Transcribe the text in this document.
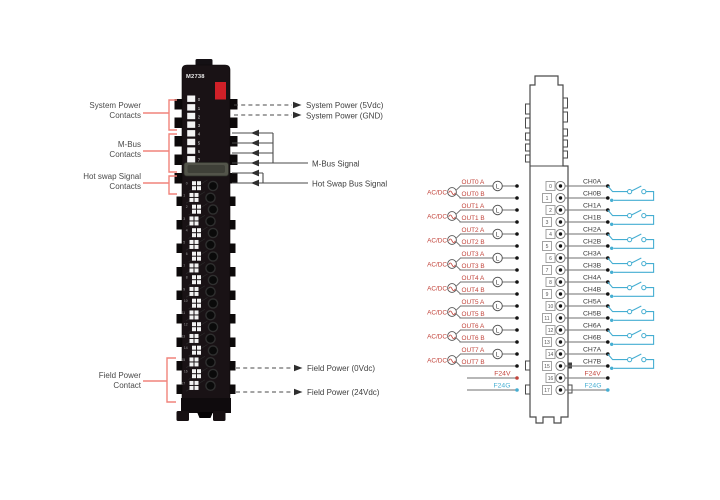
M2738
0
1
2
3
4
5
6
7
0
1
2
3
4
5
6
7
8
9
10
11
12
13
14
15
16
17
System Power
Contacts
M-Bus
Contacts
Hot swap Signal
Contacts
Field Power
Contact
System Power (5Vdc)
System Power (GND)
M-Bus Signal
Hot Swap Bus Signal
Field Power (0Vdc)
Field Power (24Vdc)
0
1
2
3
4
5
6
7
8
9
10
11
12
13
14
15
16
17
AC/DC
OUT0 A
OUT0 B
L
AC/DC
OUT1 A
OUT1 B
L
AC/DC
OUT2 A
OUT2 B
L
AC/DC
OUT3 A
OUT3 B
L
AC/DC
OUT4 A
OUT4 B
L
AC/DC
OUT5 A
OUT5 B
L
AC/DC
OUT6 A
OUT6 B
L
AC/DC
OUT7 A
OUT7 B
L
F24V
F24G
CH0A
CH0B
CH1A
CH1B
CH2A
CH2B
CH3A
CH3B
CH4A
CH4B
CH5A
CH5B
CH6A
CH6B
CH7A
CH7B
F24V
F24G
